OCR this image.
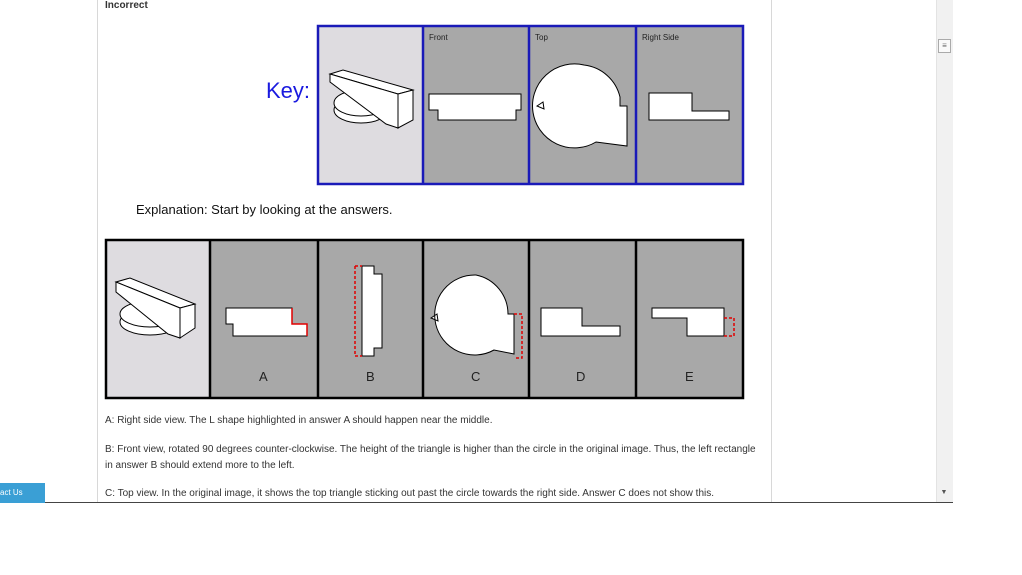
Incorrect
Key:
Front	Top	Right Side
Explanation: Start by looking at the answers.
A	B	C	D	E
A: Right side view. The L shape highlighted in answer A should happen near the middle.
B: Front view, rotated 90 degrees counter-clockwise. The height of the triangle is higher than the circle in the original image. Thus, the left rectangle in answer B should extend more to the left.
C: Top view. In the original image, it shows the top triangle sticking out past the circle towards the right side. Answer C does not show this.
≡
▼
act Us
